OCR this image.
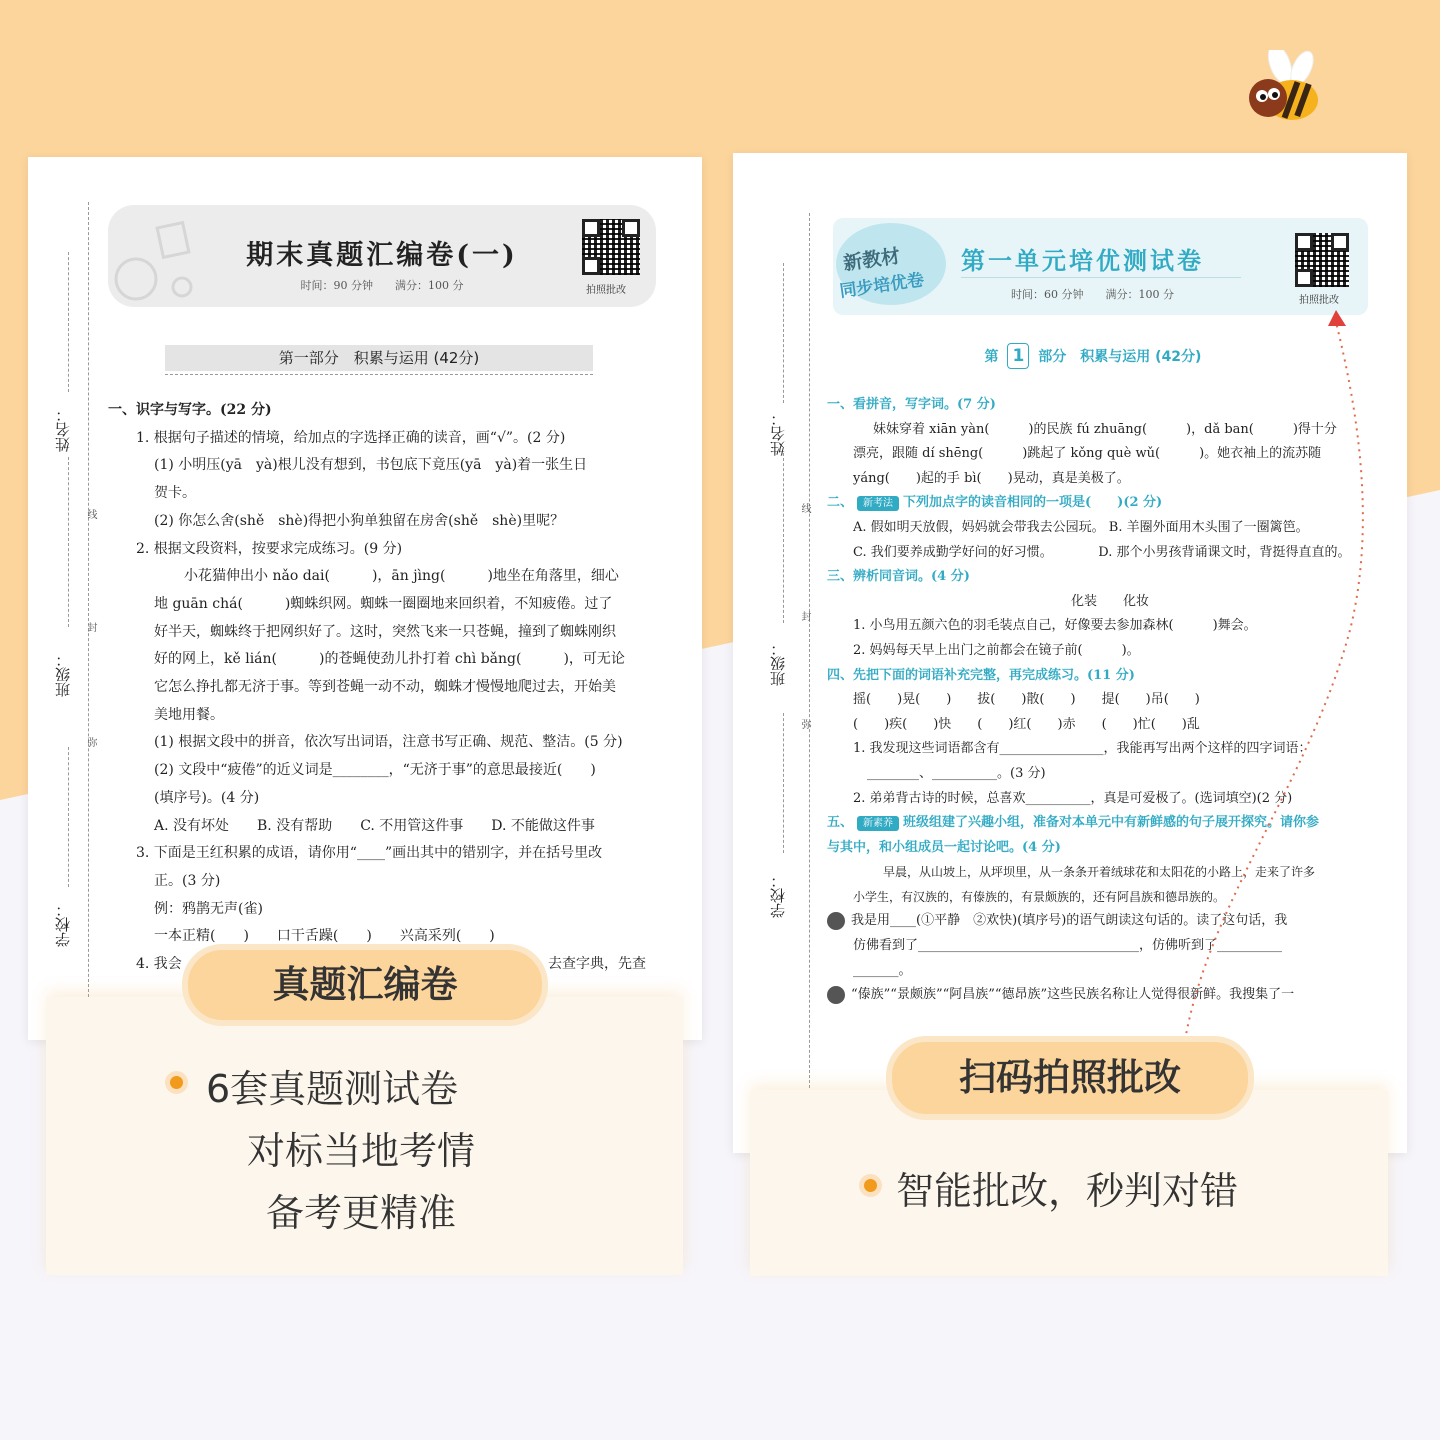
姓名：
班级：
学校：
线
封
弥
期末真题汇编卷(一)
时间：90 分钟　　满分：100 分	拍照批改
第一部分　积累与运用 (42分)
一、识字与写字。(22 分)
1. 根据句子描述的情境，给加点的字选择正确的读音，画“√”。(2 分)
(1) 小明压(yā　yà)根儿没有想到，书包底下竟压(yā　yà)着一张生日
贺卡。
(2) 你怎么舍(shě　shè)得把小狗单独留在房舍(shě　shè)里呢？
2. 根据文段资料，按要求完成练习。(9 分)
小花猫伸出小 nǎo dai(　　　)，ān jìng(　　　)地坐在角落里，细心
地 guān chá(　　　)蜘蛛织网。蜘蛛一圈圈地来回织着，不知疲倦。过了
好半天，蜘蛛终于把网织好了。这时，突然飞来一只苍蝇，撞到了蜘蛛刚织
好的网上，kě lián(　　　)的苍蝇使劲儿扑打着 chì bǎng(　　　)，可无论
它怎么挣扎都无济于事。等到苍蝇一动不动，蜘蛛才慢慢地爬过去，开始美
美地用餐。
(1) 根据文段中的拼音，依次写出词语，注意书写正确、规范、整洁。(5 分)
(2) 文段中“疲倦”的近义词是________，“无济于事”的意思最接近(　　)
(填序号)。(4 分)
A. 没有坏处　　B. 没有帮助　　C. 不用管这件事　　D. 不能做这件事
3. 下面是王红积累的成语，请你用“____”画出其中的错别字，并在括号里改
正。(3 分)
例：鸦鹊无声(雀)
一本正精(　　)　　口干舌躁(　　)　　兴高采列(　　)
4. 我会	去查字典，先查
姓名：
班级：
学校：
线
封
弥
新教材
同步培优卷
第一单元培优测试卷
时间：60 分钟　　满分：100 分	拍照批改
第 1 部分　积累与运用 (42分)
一、看拼音，写字词。(7 分)
妹妹穿着 xiān yàn(　　　)的民族 fú zhuāng(　　　)，dǎ ban(　　　)得十分
漂亮，跟随 dí shēng(　　　)跳起了 kǒng què wǔ(　　　)。她衣袖上的流苏随
yáng(　　)起的手 bì(　　)晃动，真是美极了。
二、 新考法 下列加点字的读音相同的一项是(　　)(2 分)
A. 假如明天放假，妈妈就会带我去公园玩。 B. 羊圈外面用木头围了一圈篱笆。
C. 我们要养成勤学好问的好习惯。　　　　D. 那个小男孩背诵课文时，背挺得直直的。
三、辨析同音词。(4 分)
化装　　化妆
1. 小鸟用五颜六色的羽毛装点自己，好像要去参加森林(　　　)舞会。
2. 妈妈每天早上出门之前都会在镜子前(　　　)。
四、先把下面的词语补充完整，再完成练习。(11 分)
摇(　　)晃(　　)　　拔(　　)散(　　)　　提(　　)吊(　　)
(　　)疾(　　)快　　(　　)红(　　)赤　　(　　)忙(　　)乱
1. 我发现这些词语都含有________________，我能再写出两个这样的四字词语：
________、__________。(3 分)
2. 弟弟背古诗的时候，总喜欢__________，真是可爱极了。(选词填空)(2 分)
五、 新素养 班级组建了兴趣小组，准备对本单元中有新鲜感的句子展开探究。请你参
与其中，和小组成员一起讨论吧。(4 分)
早晨，从山坡上，从坪坝里，从一条条开着绒球花和太阳花的小路上，走来了许多
小学生，有汉族的，有傣族的，有景颇族的，还有阿昌族和德昂族的。
我是用____(①平静　②欢快)(填序号)的语气朗读这句话的。读了这句话，我
仿佛看到了__________________________________，仿佛听到了__________
_______。
“傣族”“景颇族”“阿昌族”“德昂族”这些民族名称让人觉得很新鲜。我搜集了一
真题汇编卷
6套真题测试卷
对标当地考情
备考更精准
扫码拍照批改
智能批改，秒判对错
